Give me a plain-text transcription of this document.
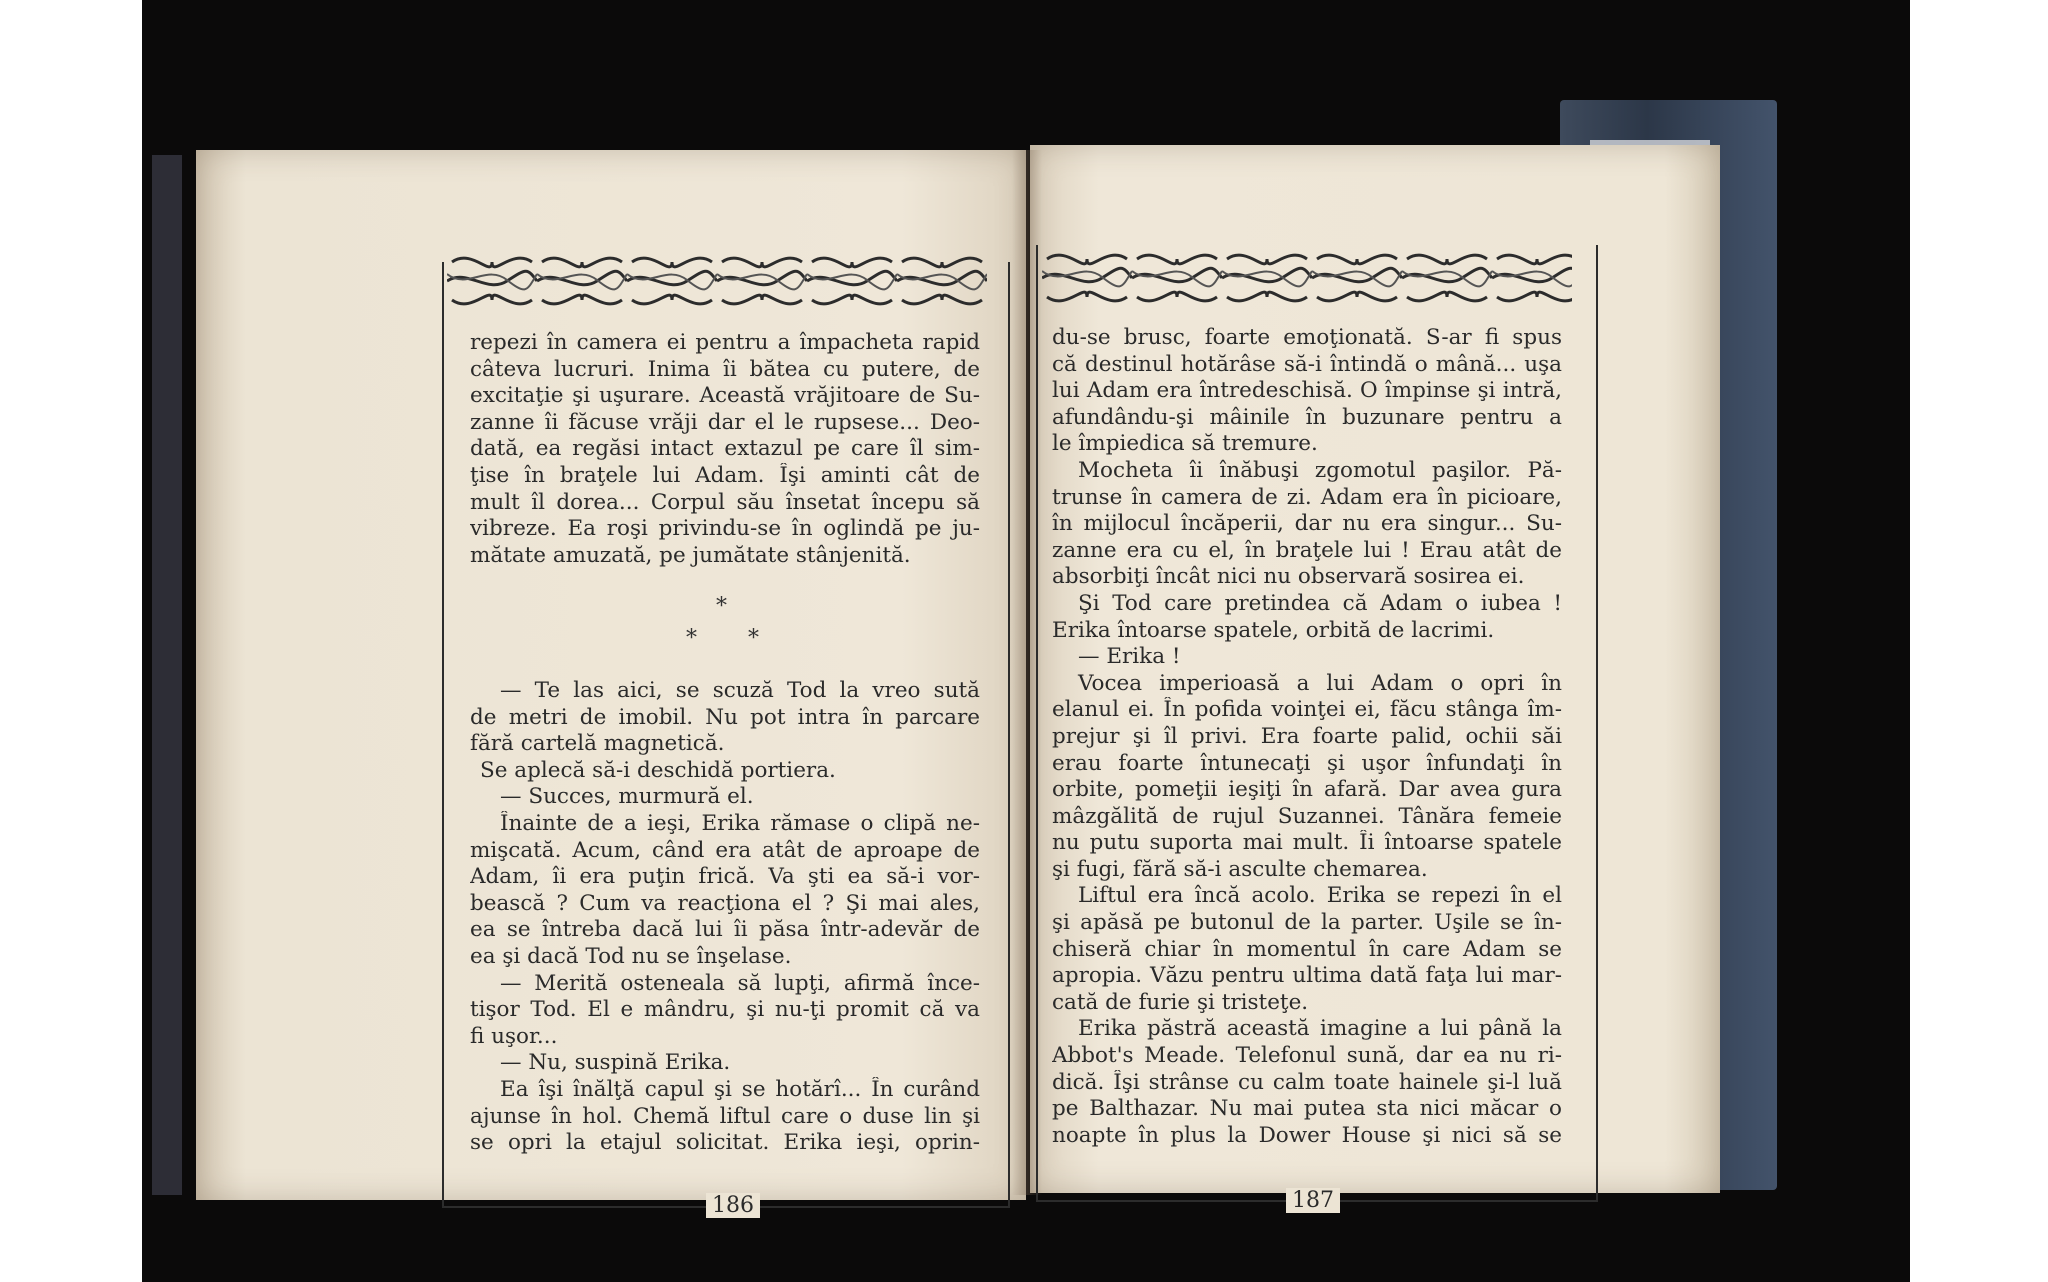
repezi în camera ei pentru a împacheta rapid
câteva lucruri. Inima îi bătea cu putere, de
excitaţie şi uşurare. Această vrăjitoare de Su-
zanne îi făcuse vrăji dar el le rupsese... Deo-
dată, ea regăsi intact extazul pe care îl sim-
ţise în braţele lui Adam. Îşi aminti cât de
mult îl dorea... Corpul său însetat începu să
vibreze. Ea roşi privindu-se în oglindă pe ju-
mătate amuzată, pe jumătate stânjenită.
*
* *
— Te las aici, se scuză Tod la vreo sută
de metri de imobil. Nu pot intra în parcare
fără cartelă magnetică.
Se aplecă să-i deschidă portiera.
— Succes, murmură el.
Înainte de a ieşi, Erika rămase o clipă ne-
mişcată. Acum, când era atât de aproape de
Adam, îi era puţin frică. Va şti ea să-i vor-
bească ? Cum va reacţiona el ? Şi mai ales,
ea se întreba dacă lui îi păsa într-adevăr de
ea şi dacă Tod nu se înşelase.
— Merită osteneala să lupţi, afirmă înce-
tişor Tod. El e mândru, şi nu-ţi promit că va
fi uşor...
— Nu, suspină Erika.
Ea îşi înălţă capul şi se hotărî... În curând
ajunse în hol. Chemă liftul care o duse lin şi
se opri la etajul solicitat. Erika ieşi, oprin-
186
du-se brusc, foarte emoţionată. S-ar fi spus
că destinul hotărâse să-i întindă o mână... uşa
lui Adam era întredeschisă. O împinse şi intră,
afundându-şi mâinile în buzunare pentru a
le împiedica să tremure.
Mocheta îi înăbuşi zgomotul paşilor. Pă-
trunse în camera de zi. Adam era în picioare,
în mijlocul încăperii, dar nu era singur... Su-
zanne era cu el, în braţele lui ! Erau atât de
absorbiţi încât nici nu observară sosirea ei.
Şi Tod care pretindea că Adam o iubea !
Erika întoarse spatele, orbită de lacrimi.
— Erika !
Vocea imperioasă a lui Adam o opri în
elanul ei. În pofida voinţei ei, făcu stânga îm-
prejur şi îl privi. Era foarte palid, ochii săi
erau foarte întunecaţi şi uşor înfundaţi în
orbite, pomeţii ieşiţi în afară. Dar avea gura
mâzgălită de rujul Suzannei. Tânăra femeie
nu putu suporta mai mult. Îi întoarse spatele
şi fugi, fără să-i asculte chemarea.
Liftul era încă acolo. Erika se repezi în el
şi apăsă pe butonul de la parter. Uşile se în-
chiseră chiar în momentul în care Adam se
apropia. Văzu pentru ultima dată faţa lui mar-
cată de furie şi tristeţe.
Erika păstră această imagine a lui până la
Abbot's Meade. Telefonul sună, dar ea nu ri-
dică. Îşi strânse cu calm toate hainele şi-l luă
pe Balthazar. Nu mai putea sta nici măcar o
noapte în plus la Dower House şi nici să se
187
